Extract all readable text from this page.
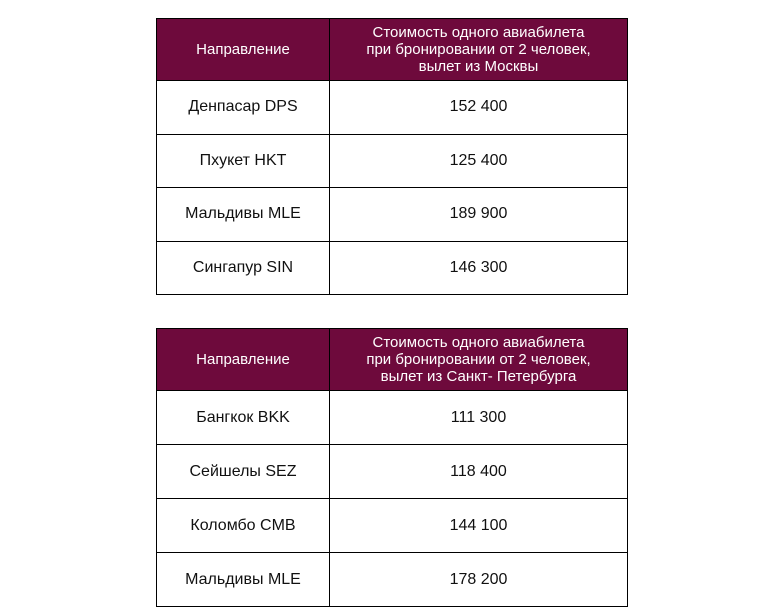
Направление	Стоимость одного авиабилета
при бронировании от 2 человек,
вылет из Москвы
Денпасар DPS	152 400
Пхукет HKT	125 400
Мальдивы MLE	189 900
Сингапур SIN	146 300
Направление	Стоимость одного авиабилета
при бронировании от 2 человек,
вылет из Санкт- Петербурга
Бангкок BKK	111 300
Сейшелы SEZ	118 400
Коломбо CMB	144 100
Мальдивы MLE	178 200
